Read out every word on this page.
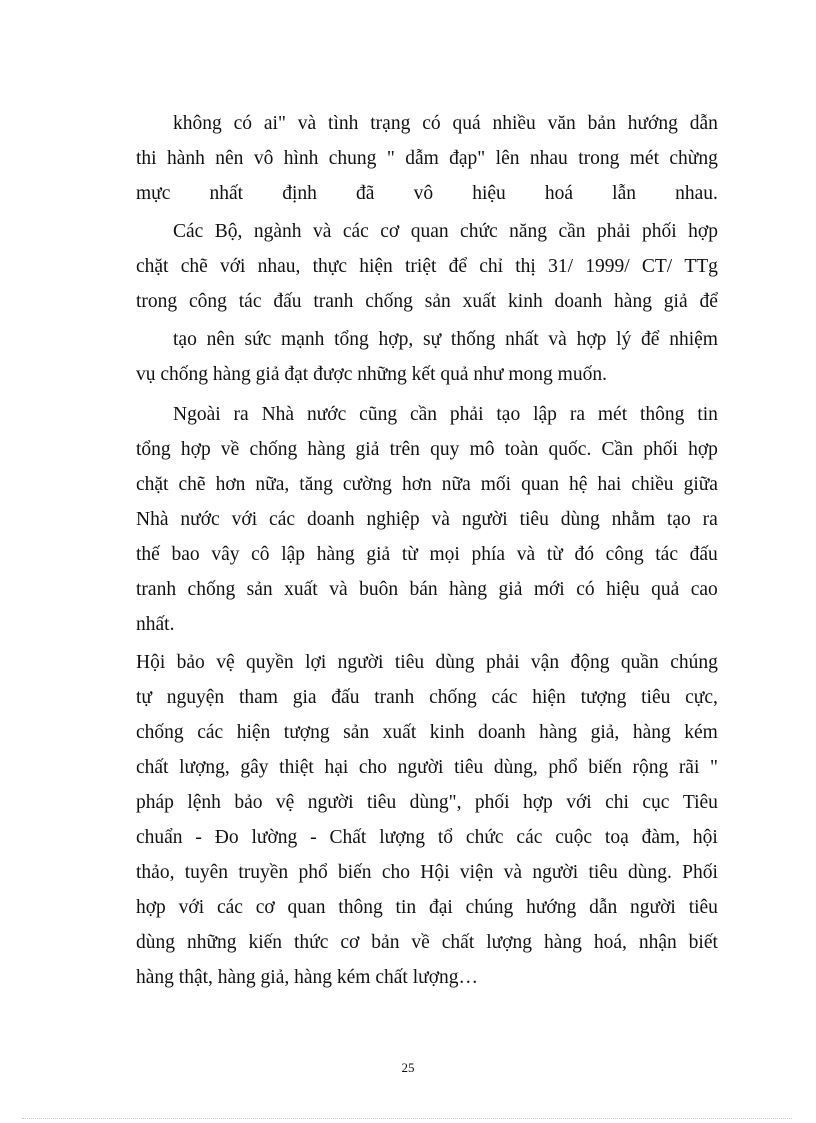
không có ai" và tình trạng có quá nhiều văn bản hướng dẫn
thi hành nên vô hình chung " dẫm đạp" lên nhau trong mét chừng
mực nhất định đã vô hiệu hoá lẫn nhau.
Các Bộ, ngành và các cơ quan chức năng cần phải phối hợp
chặt chẽ với nhau, thực hiện triệt để chỉ thị 31/ 1999/ CT/ TTg
trong công tác đấu tranh chống sản xuất kinh doanh hàng giả để
tạo nên sức mạnh tổng hợp, sự thống nhất và hợp lý để nhiệm
vụ chống hàng giả đạt được những kết quả như mong muốn.
Ngoài ra Nhà nước cũng cần phải tạo lập ra mét thông tin
tổng hợp về chống hàng giả trên quy mô toàn quốc. Cần phối hợp
chặt chẽ hơn nữa, tăng cường hơn nữa mối quan hệ hai chiều giữa
Nhà nước với các doanh nghiệp và người tiêu dùng nhằm tạo ra
thế bao vây cô lập hàng giả từ mọi phía và từ đó công tác đấu
tranh chống sản xuất và buôn bán hàng giả mới có hiệu quả cao
nhất.
Hội bảo vệ quyền lợi người tiêu dùng phải vận động quần chúng
tự nguyện tham gia đấu tranh chống các hiện tượng tiêu cực,
chống các hiện tượng sản xuất kinh doanh hàng giả, hàng kém
chất lượng, gây thiệt hại cho người tiêu dùng, phổ biến rộng rãi "
pháp lệnh bảo vệ người tiêu dùng", phối hợp với chi cục Tiêu
chuẩn - Đo lường - Chất lượng tổ chức các cuộc toạ đàm, hội
thảo, tuyên truyền phổ biến cho Hội viện và người tiêu dùng. Phối
hợp với các cơ quan thông tin đại chúng hướng dẫn người tiêu
dùng những kiến thức cơ bản về chất lượng hàng hoá, nhận biết
hàng thật, hàng giả, hàng kém chất lượng…
25
